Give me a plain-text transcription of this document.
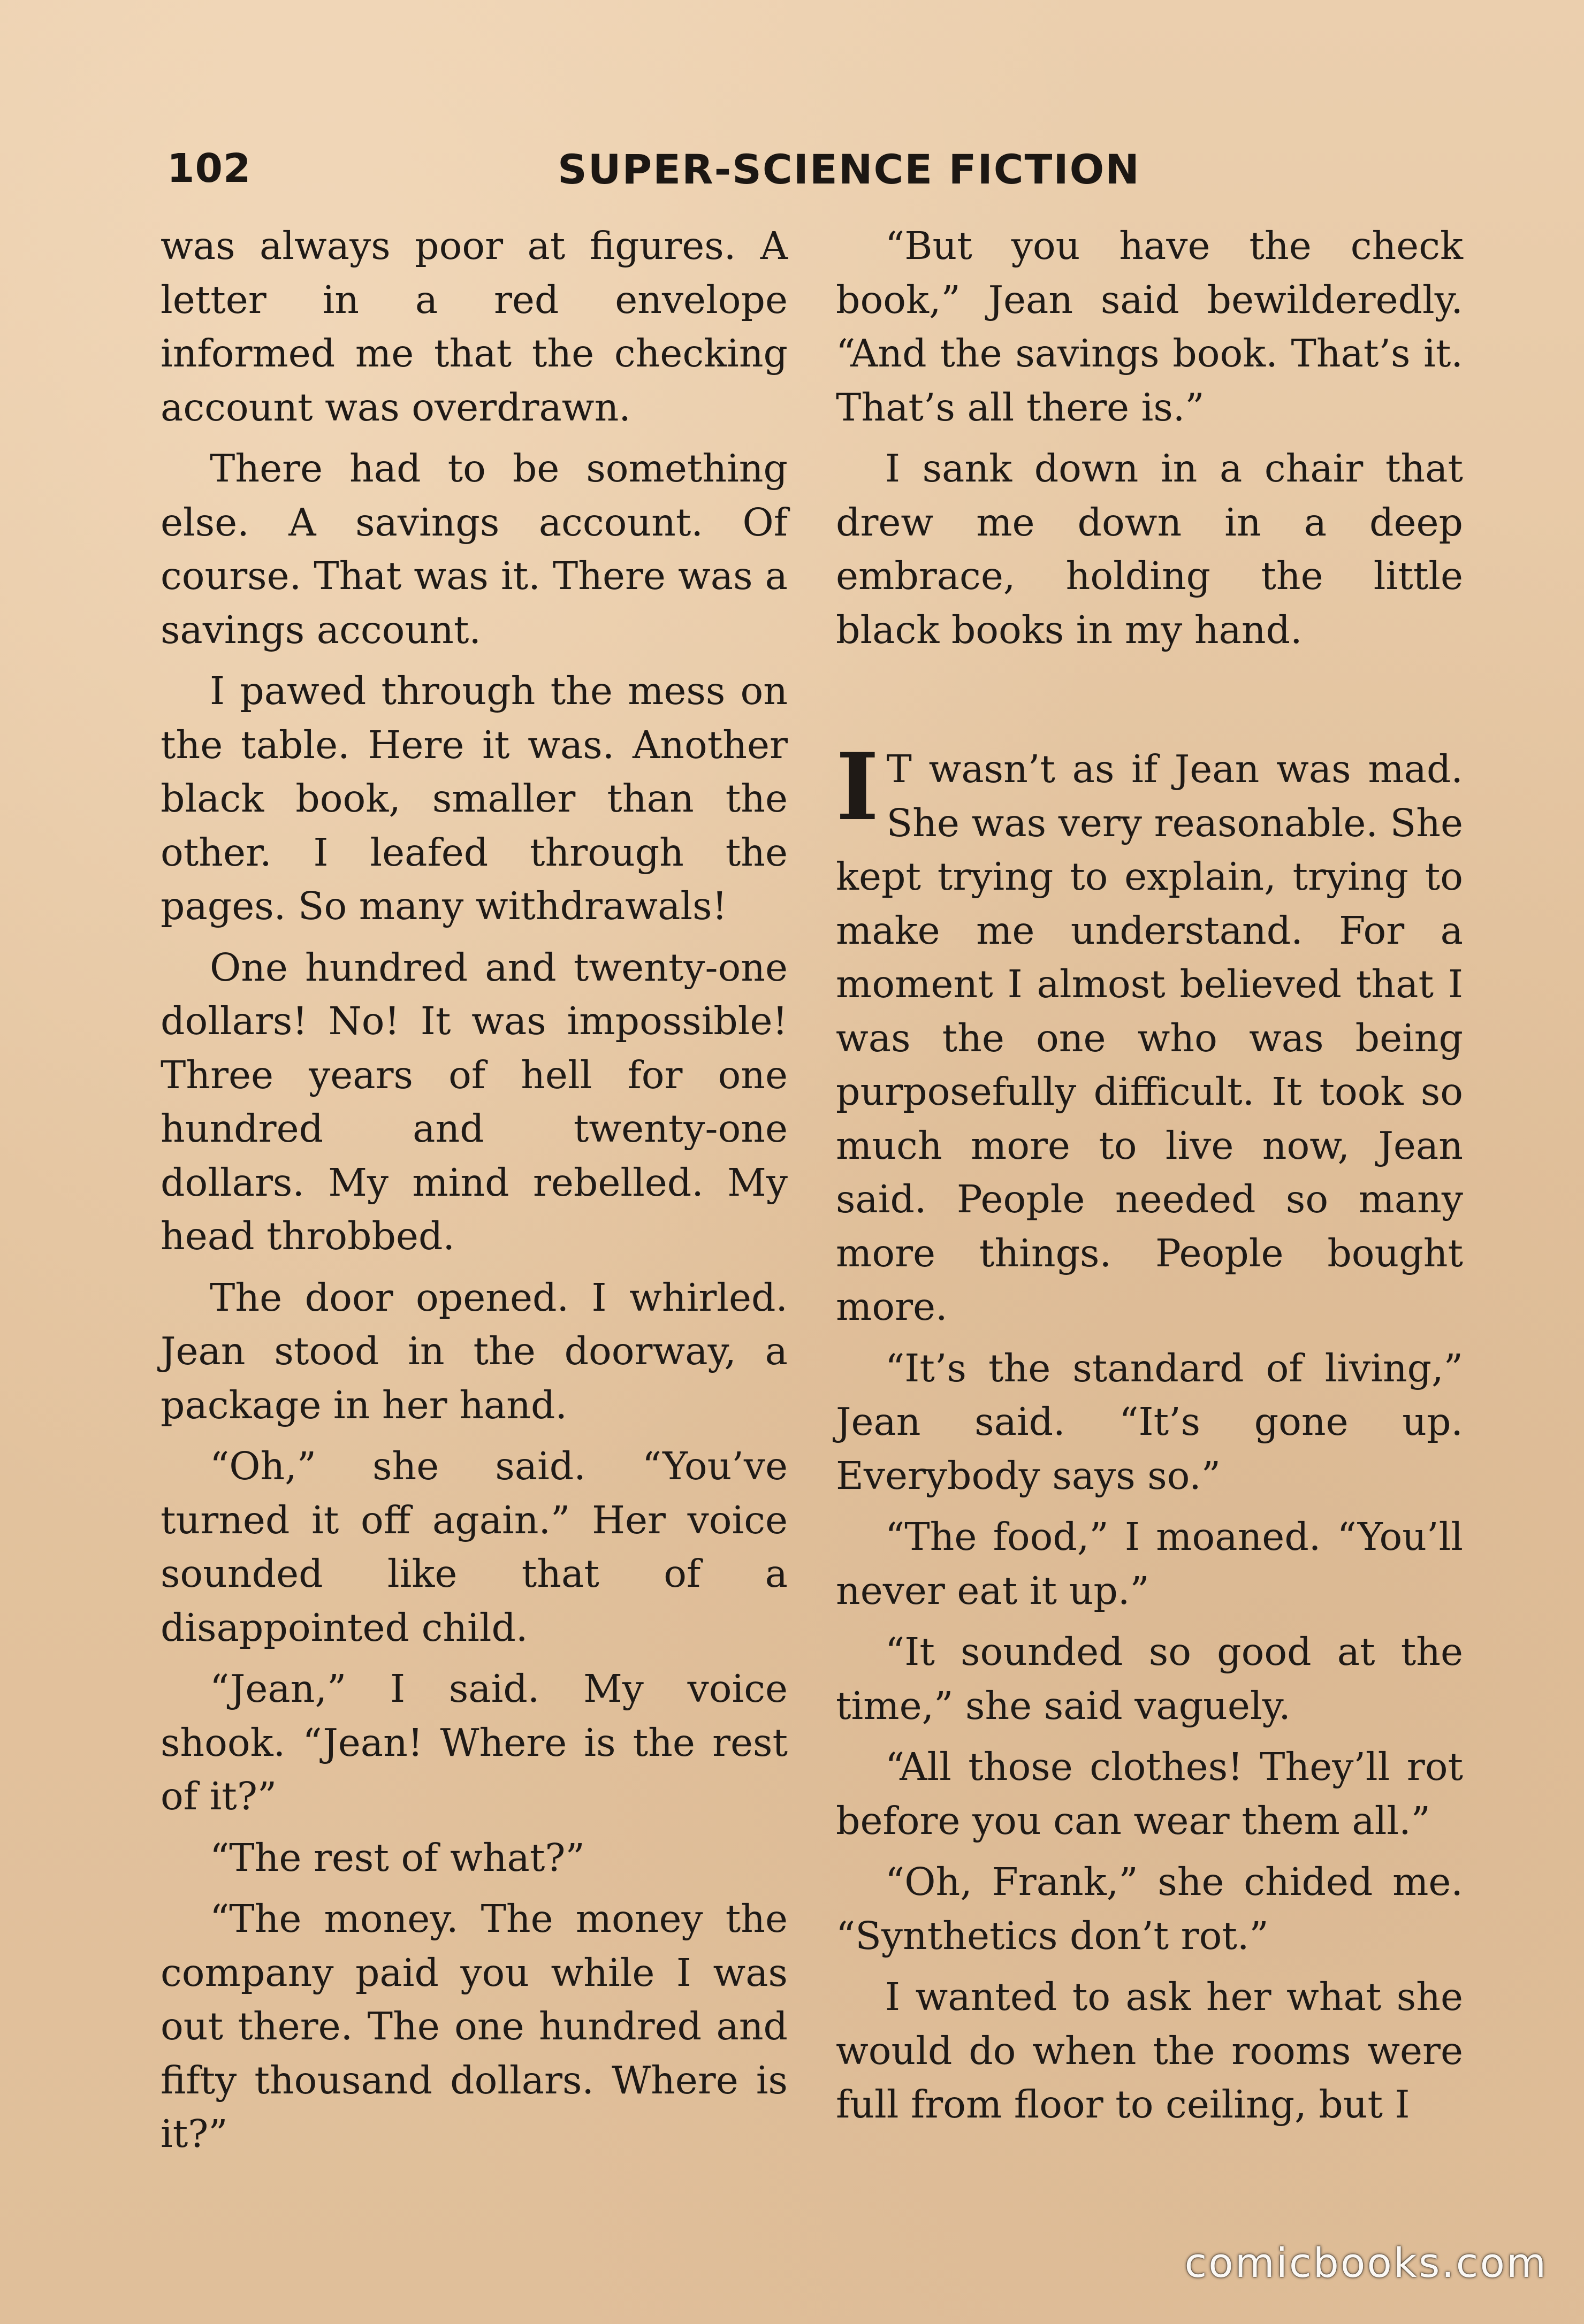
102	SUPER-SCIENCE FICTION

was always poor at figures. A letter in a red envelope informed me that the checking account was overdrawn.

There had to be something else. A savings account. Of course. That was it. There was a savings account.

I pawed through the mess on the table. Here it was. Another black book, smaller than the other. I leafed through the pages. So many withdrawals!

One hundred and twenty-one dollars! No! It was impossible! Three years of hell for one hundred and twenty-one dollars. My mind rebelled. My head throbbed.

The door opened. I whirled. Jean stood in the doorway, a package in her hand.

“Oh,” she said. “You’ve turned it off again.” Her voice sounded like that of a disappointed child.

“Jean,” I said. My voice shook. “Jean! Where is the rest of it?”

“The rest of what?”

“The money. The money the company paid you while I was out there. The one hundred and fifty thousand dollars. Where is it?”

“But you have the check book,” Jean said bewilderedly. “And the savings book. That’s it. That’s all there is.”

I sank down in a chair that drew me down in a deep embrace, holding the little black books in my hand.

I T wasn’t as if Jean was mad. She was very reasonable. She kept trying to explain, trying to make me understand. For a moment I almost believed that I was the one who was being purposefully difficult. It took so much more to live now, Jean said. People needed so many more things. People bought more.

“It’s the standard of living,” Jean said. “It’s gone up. Everybody says so.”

“The food,” I moaned. “You’ll never eat it up.”

“It sounded so good at the time,” she said vaguely.

“All those clothes! They’ll rot before you can wear them all.”

“Oh, Frank,” she chided me. “Synthetics don’t rot.”

I wanted to ask her what she would do when the rooms were full from floor to ceiling, but I

comicbooks.com
